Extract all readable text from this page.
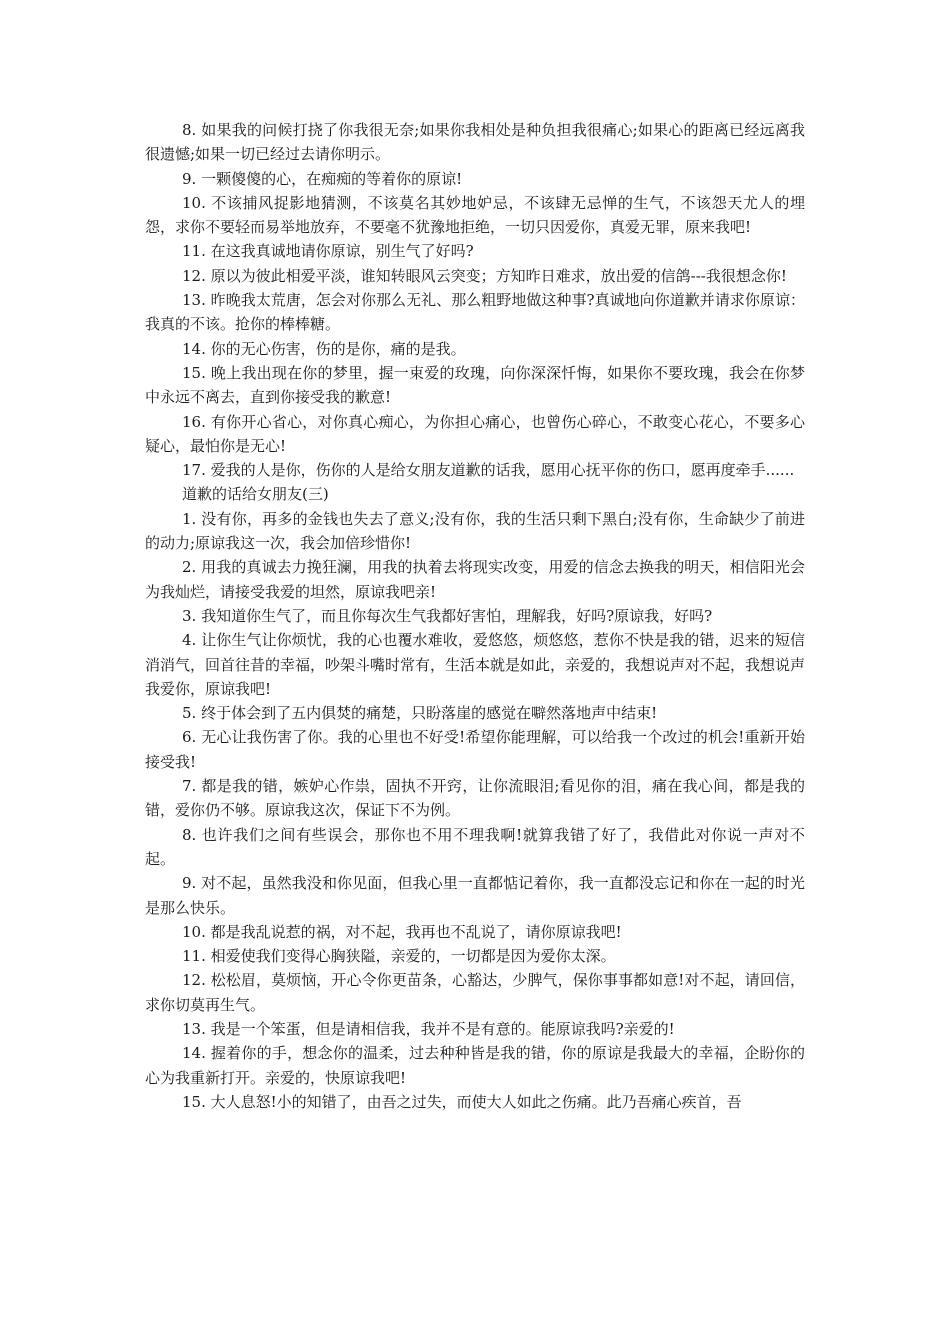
8. 如果我的问候打挠了你我很无奈;如果你我相处是种负担我很痛心;如果心的距离已经远离我很遗憾;如果一切已经过去请你明示。

9. 一颗傻傻的心，在痴痴的等着你的原谅!

10. 不该捕风捉影地猜测，不该莫名其妙地妒忌，不该肆无忌惮的生气，不该怨天尤人的埋怨，求你不要轻而易举地放弃，不要毫不犹豫地拒绝，一切只因爱你，真爱无罪，原来我吧!

11. 在这我真诚地请你原谅，别生气了好吗?

12. 原以为彼此相爱平淡，谁知转眼风云突变；方知昨日难求，放出爱的信鸽---我很想念你!

13. 昨晚我太荒唐，怎会对你那么无礼、那么粗野地做这种事?真诚地向你道歉并请求你原谅：我真的不该。抢你的棒棒糖。

14. 你的无心伤害，伤的是你，痛的是我。

15. 晚上我出现在你的梦里，握一束爱的玫瑰，向你深深忏悔，如果你不要玫瑰，我会在你梦中永远不离去，直到你接受我的歉意!

16. 有你开心省心，对你真心痴心，为你担心痛心，也曾伤心碎心，不敢变心花心，不要多心疑心，最怕你是无心!

17. 爱我的人是你，伤你的人是给女朋友道歉的话我，愿用心抚平你的伤口，愿再度牵手......

道歉的话给女朋友(三)

1. 没有你，再多的金钱也失去了意义;没有你，我的生活只剩下黑白;没有你，生命缺少了前进的动力;原谅我这一次，我会加倍珍惜你!

2. 用我的真诚去力挽狂澜，用我的执着去将现实改变，用爱的信念去换我的明天，相信阳光会为我灿烂，请接受我爱的坦然，原谅我吧亲!

3. 我知道你生气了，而且你每次生气我都好害怕，理解我，好吗?原谅我，好吗?

4. 让你生气让你烦忧，我的心也覆水难收，爱悠悠，烦悠悠，惹你不快是我的错，迟来的短信消消气，回首往昔的幸福，吵架斗嘴时常有，生活本就是如此，亲爱的，我想说声对不起，我想说声我爱你，原谅我吧!

5. 终于体会到了五内俱焚的痛楚，只盼落崖的感觉在噼然落地声中结束!

6. 无心让我伤害了你。我的心里也不好受!希望你能理解，可以给我一个改过的机会!重新开始接受我!

7. 都是我的错，嫉妒心作祟，固执不开窍，让你流眼泪;看见你的泪，痛在我心间，都是我的错，爱你仍不够。原谅我这次，保证下不为例。

8. 也许我们之间有些误会，那你也不用不理我啊!就算我错了好了，我借此对你说一声对不起。

9. 对不起，虽然我没和你见面，但我心里一直都惦记着你，我一直都没忘记和你在一起的时光是那么快乐。

10. 都是我乱说惹的祸，对不起，我再也不乱说了，请你原谅我吧!

11. 相爱使我们变得心胸狭隘，亲爱的，一切都是因为爱你太深。

12. 松松眉，莫烦恼，开心令你更苗条，心豁达，少脾气，保你事事都如意!对不起，请回信，求你切莫再生气。

13. 我是一个笨蛋，但是请相信我，我并不是有意的。能原谅我吗?亲爱的!

14. 握着你的手，想念你的温柔，过去种种皆是我的错，你的原谅是我最大的幸福，企盼你的心为我重新打开。亲爱的，快原谅我吧!

15. 大人息怒!小的知错了，由吾之过失，而使大人如此之伤痛。此乃吾痛心疾首，吾
